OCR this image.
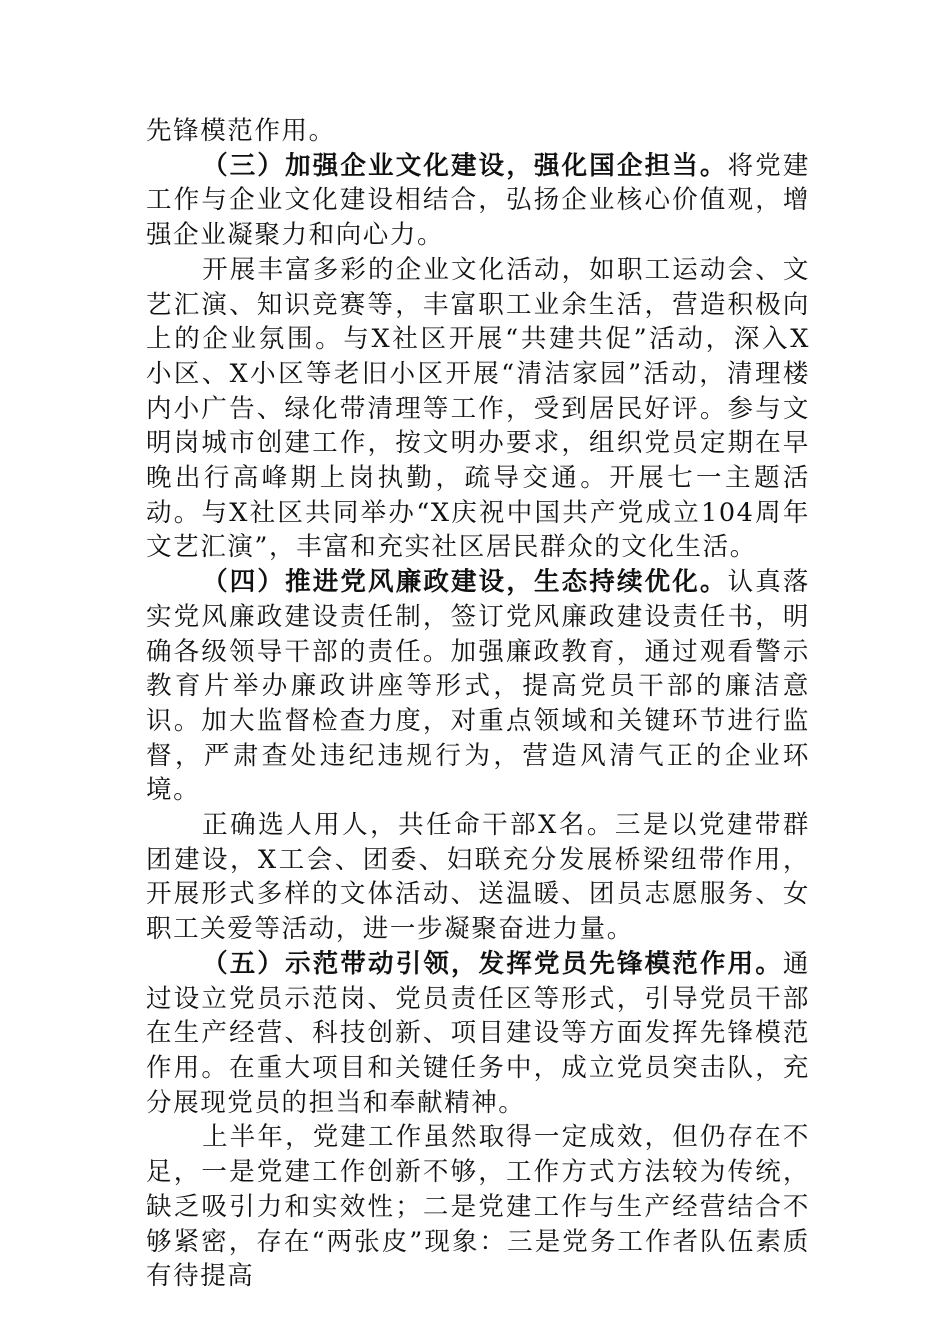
先锋模范作用。

（三）加强企业文化建设，强化国企担当。将党建工作与企业文化建设相结合，弘扬企业核心价值观，增强企业凝聚力和向心力。

开展丰富多彩的企业文化活动，如职工运动会、文艺汇演、知识竞赛等，丰富职工业余生活，营造积极向上的企业氛围。与X社区开展“共建共促”活动，深入X小区、X小区等老旧小区开展“清洁家园”活动，清理楼内小广告、绿化带清理等工作，受到居民好评。参与文明岗城市创建工作，按文明办要求，组织党员定期在早晚出行高峰期上岗执勤，疏导交通。开展七一主题活动。与X社区共同举办“X庆祝中国共产党成立104周年文艺汇演”，丰富和充实社区居民群众的文化生活。

（四）推进党风廉政建设，生态持续优化。认真落实党风廉政建设责任制，签订党风廉政建设责任书，明确各级领导干部的责任。加强廉政教育，通过观看警示教育片举办廉政讲座等形式，提高党员干部的廉洁意识。加大监督检查力度，对重点领域和关键环节进行监督，严肃查处违纪违规行为，营造风清气正的企业环境。

正确选人用人，共任命干部X名。三是以党建带群团建设，X工会、团委、妇联充分发展桥梁纽带作用，开展形式多样的文体活动、送温暖、团员志愿服务、女职工关爱等活动，进一步凝聚奋进力量。

（五）示范带动引领，发挥党员先锋模范作用。通过设立党员示范岗、党员责任区等形式，引导党员干部在生产经营、科技创新、项目建设等方面发挥先锋模范作用。在重大项目和关键任务中，成立党员突击队，充分展现党员的担当和奉献精神。

上半年，党建工作虽然取得一定成效，但仍存在不足，一是党建工作创新不够，工作方式方法较为传统，缺乏吸引力和实效性；二是党建工作与生产经营结合不够紧密，存在“两张皮”现象：三是党务工作者队伍素质有待提高
